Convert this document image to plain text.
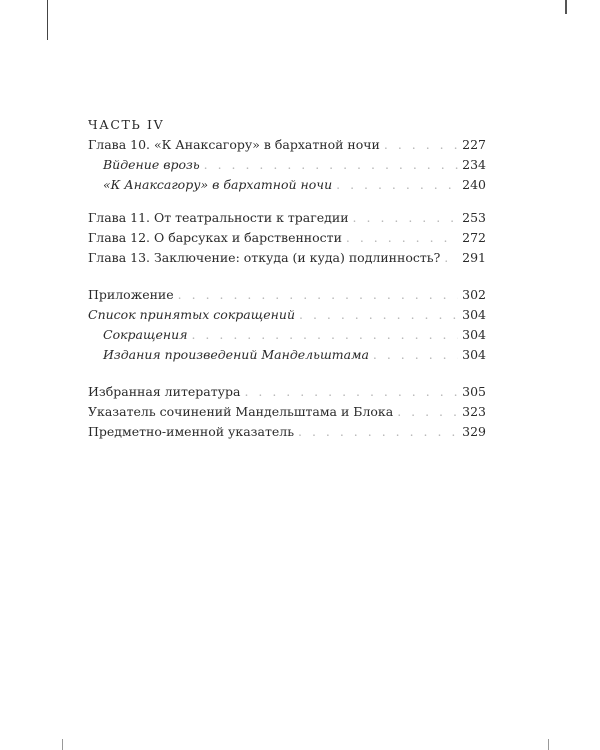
ЧАСТЬ IV
Глава 10. «К Анаксагору» в бархатной ночи . . .	227
Вйдение врозь . . .	234
«К Анаксагору» в бархатной ночи . . .	240
Глава 11. От театральности к трагедии . . .	253
Глава 12. О барсуках и барственности . . .	272
Глава 13. Заключение: откуда (и куда) подлинность? . . . 291
Приложение . . .	302
Список принятых сокращений . . .	304
Сокращения . . .	304
Издания произведений Мандельштама . . .	304
Избранная литература . . .	305
Указатель сочинений Мандельштама и Блока . . .	323
Предметно-именной указатель . . .	329
